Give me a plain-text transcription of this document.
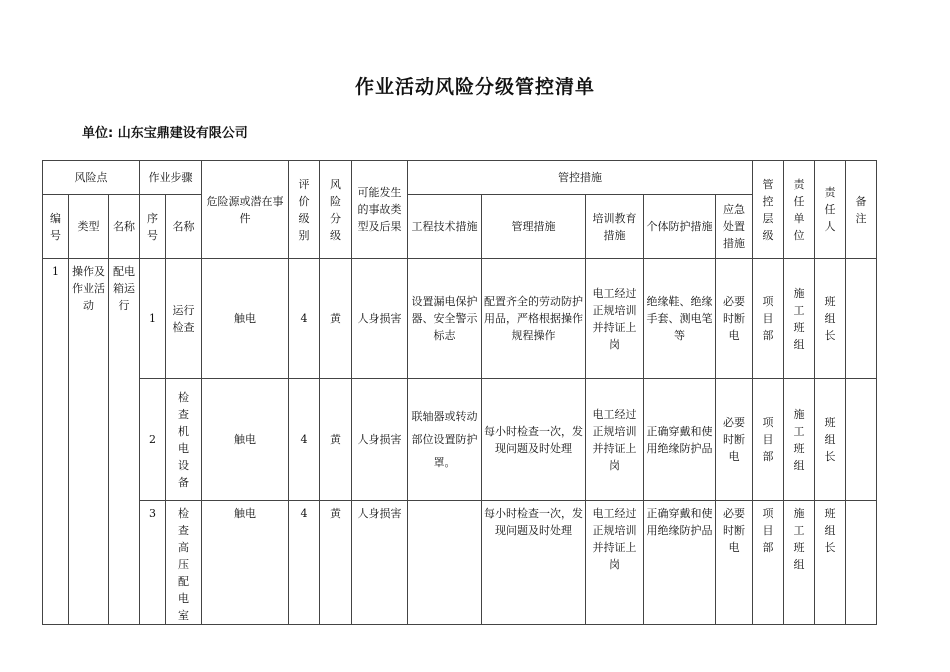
作业活动风险分级管控清单
单位: 山东宝鼎建设有限公司
风险点			作业步骤		危险源或潜在事件	评价级别	风险分级	可能发生的事故类型及后果	管控措施					管控层级	责任单位	责任人	备注

编号	类型	名称	序号	名称					工程技术措施	管理措施	培训教育措施	个体防护措施	应急处置措施				
1	操作及作业活动	配电箱运行	1	运行检查	触电	4	黄	人身损害	设置漏电保护器、安全警示标志	配置齐全的劳动防护用品，严格根据操作规程操作	电工经过正规培训并持证上岗	绝缘鞋、绝缘手套、测电笔等	必要时断电	项目部	施工班组	班组长	

			2	检查机电设备	触电	4	黄	人身损害	联轴器或转动
部位设置防护
罩。	每小时检查一次，发现问题及时处理	电工经过正规培训并持证上岗	正确穿戴和使用绝缘防护品	必要时断电	项目部	施工班组	班组长	

			3	检查高压配电室	触电	4	黄	人身损害		每小时检查一次，发现问题及时处理	电工经过正规培训并持证上岗	正确穿戴和使用绝缘防护品	必要时断电	项目部	施工班组	班组长	
